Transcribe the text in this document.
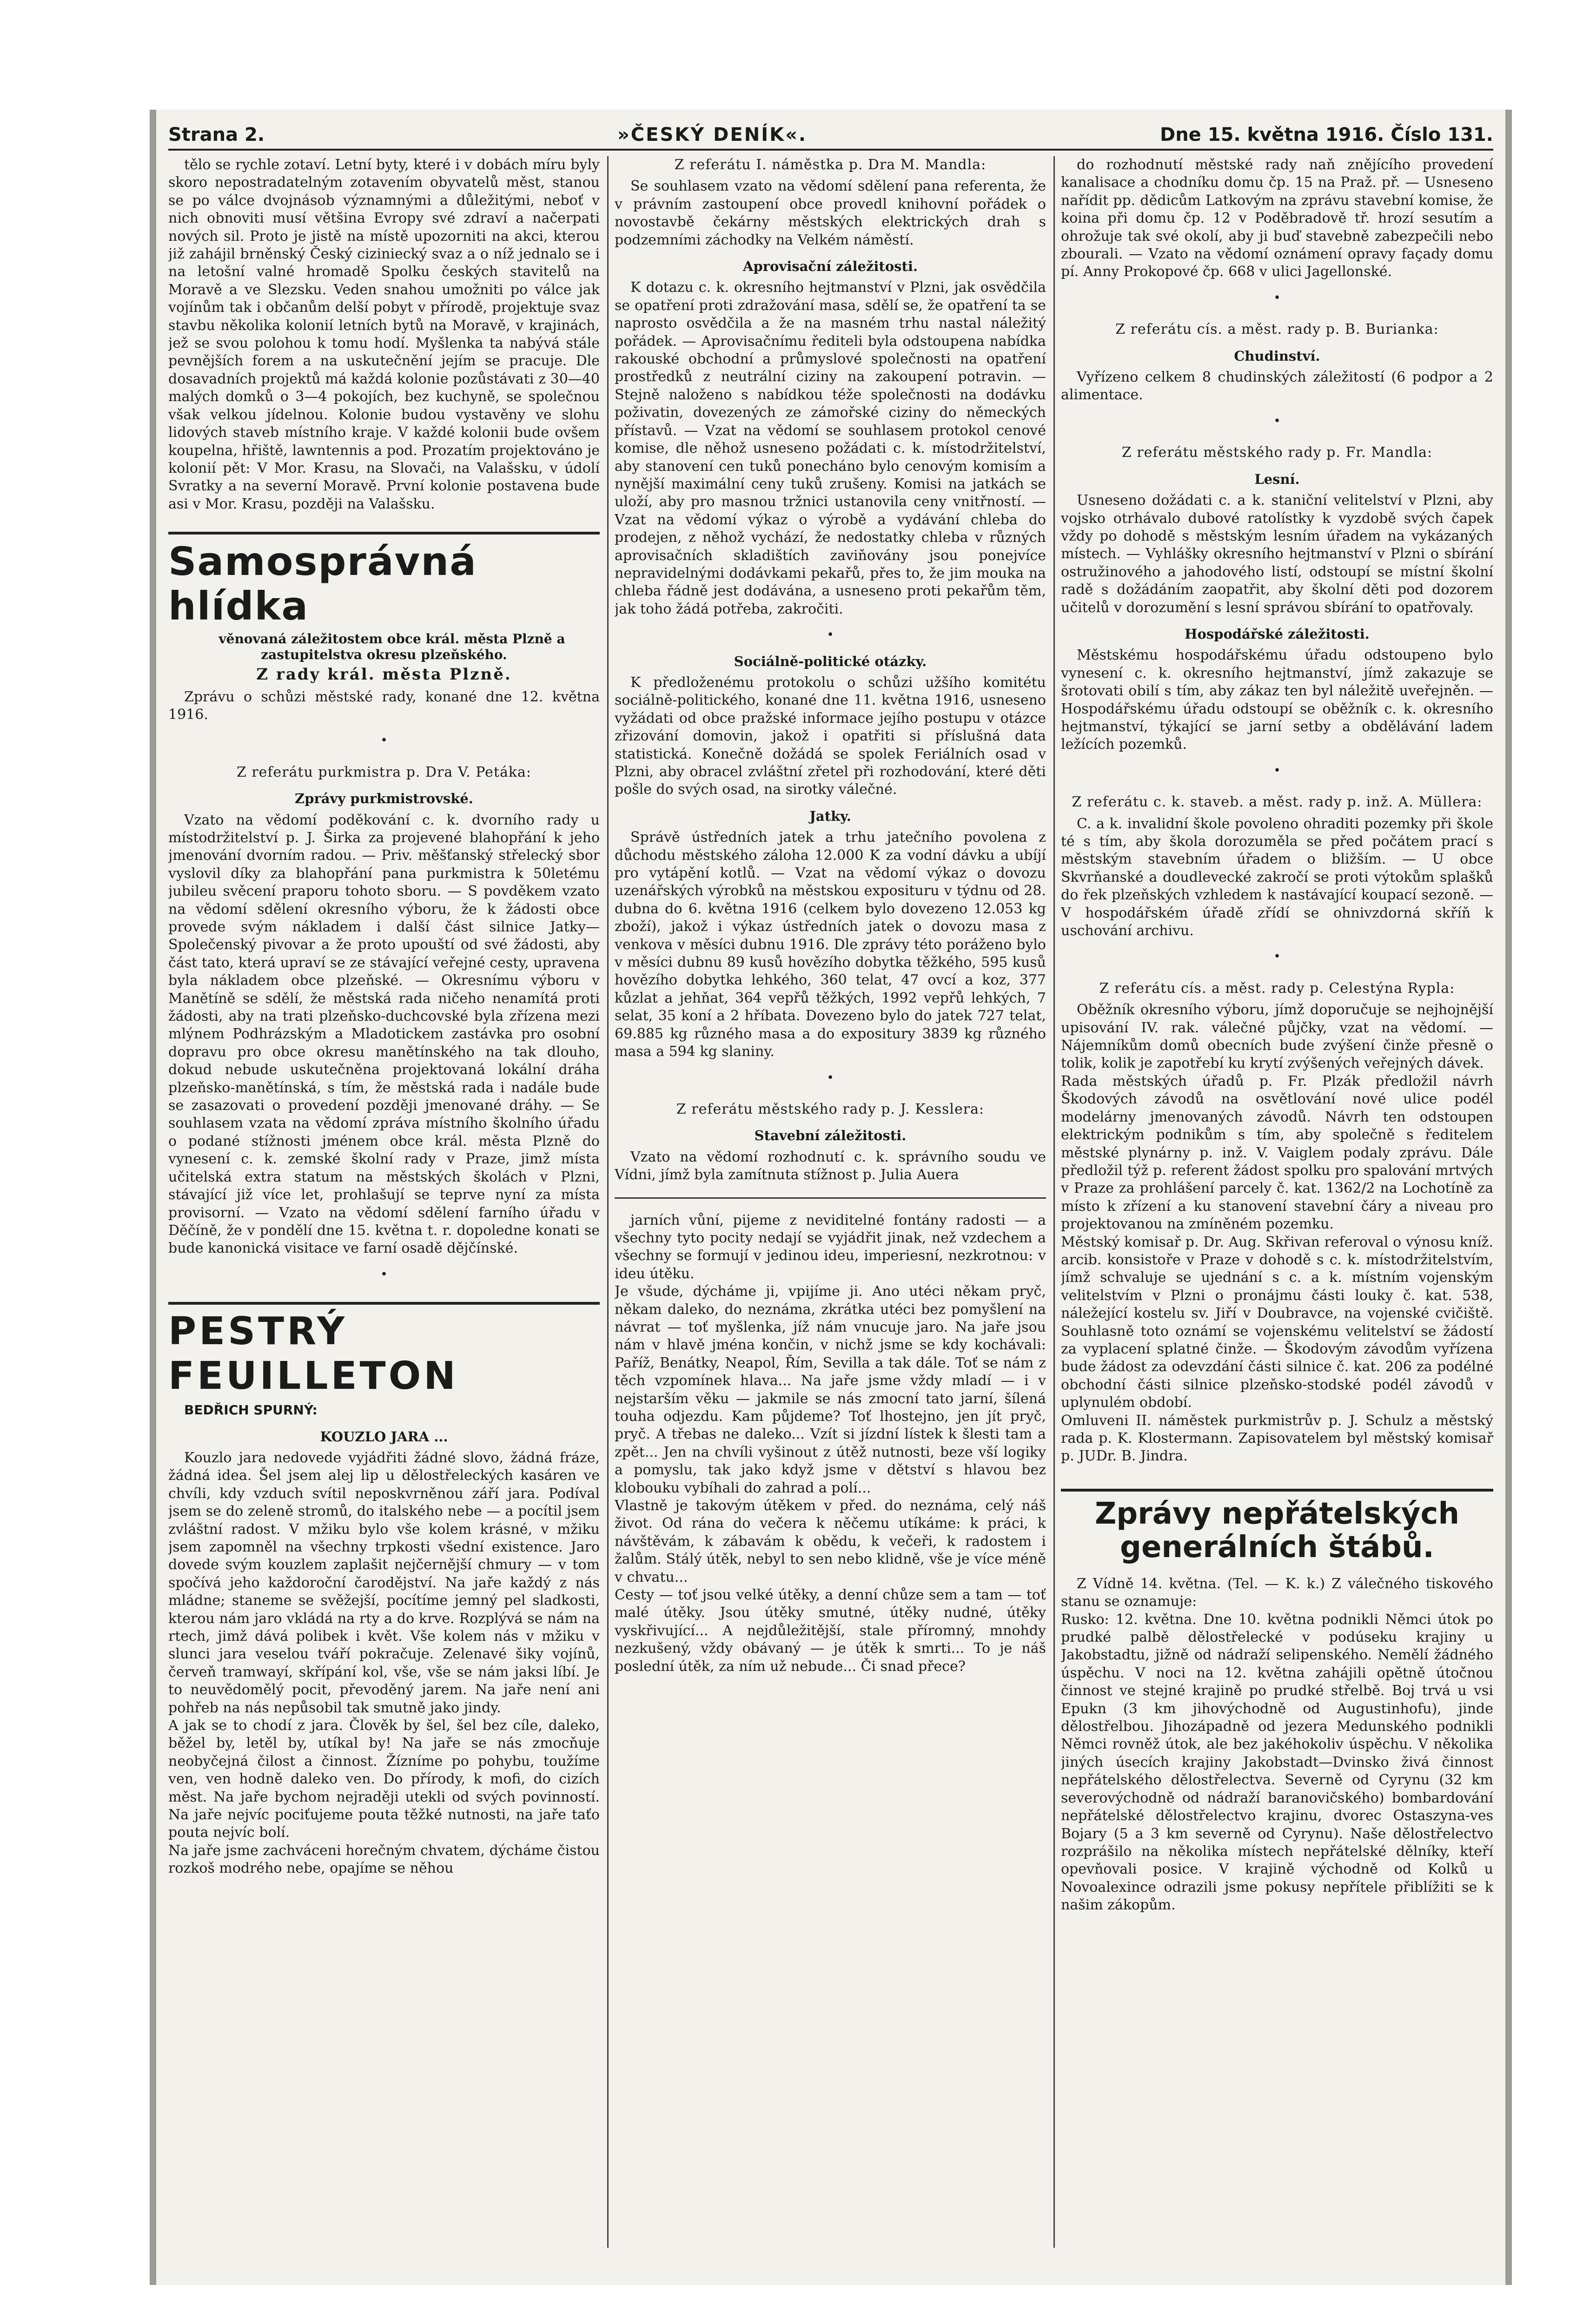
Strana 2.	»ČESKÝ DENÍK«.	Dne 15. května 1916. Číslo 131.

tělo se rychle zotaví. Letní byty, které i v dobách míru byly skoro nepostradatelným zotavením obyvatelů měst, stanou se po válce dvojnásob významnými a důležitými, neboť v nich obnoviti musí většina Evropy své zdraví a načerpati nových sil. Proto je jistě na místě upozorniti na akci, kterou již zahájil brněnský Český ciziniecký svaz a o níž jednalo se i na letošní valné hromadě Spolku českých stavitelů na Moravě a ve Slezsku. Veden snahou umožniti po válce jak vojínům tak i občanům delší pobyt v přírodě, projektuje svaz stavbu několika kolonií letních bytů na Moravě, v krajinách, jež se svou polohou k tomu hodí. Myšlenka ta nabývá stále pevnějších forem a na uskutečnění jejím se pracuje. Dle dosavadních projektů má každá kolonie pozůstávati z 30—40 malých domků o 3—4 pokojích, bez kuchyně, se společnou však velkou jídelnou. Kolonie budou vystavěny ve slohu lidových staveb místního kraje. V každé kolonii bude ovšem koupelna, hřiště, lawntennis a pod. Prozatím projektováno je kolonií pět: V Mor. Krasu, na Slovači, na Valašsku, v údolí Svratky a na severní Moravě. První kolonie postavena bude asi v Mor. Krasu, později na Valašsku.

Samosprávná hlídka

věnovaná záležitostem obce král. města Plzně a zastupitelstva okresu plzeňského.

Z rady král. města Plzně.

Zprávu o schůzi městské rady, konané dne 12. května 1916.

•

Z referátu purkmistra p. Dra V. Petáka:

Zprávy purkmistrovské.

Vzato na vědomí poděkování c. k. dvorního rady u místodržitelství p. J. Širka za projevené blahopřání k jeho jmenování dvorním radou. — Priv. měšťanský střelecký sbor vyslovil díky za blahopřání pana purkmistra k 50letému jubileu svěcení praporu tohoto sboru. — S povděkem vzato na vědomí sdělení okresního výboru, že k žádosti obce provede svým nákladem i další část silnice Jatky—Společenský pivovar a že proto upouští od své žádosti, aby část tato, která upraví se ze stávající veřejné cesty, upravena byla nákladem obce plzeňské. — Okresnímu výboru v Manětíně se sdělí, že městská rada ničeho nenamítá proti žádosti, aby na trati plzeňsko-duchcovské byla zřízena mezi mlýnem Podhrázským a Mladotickem zastávka pro osobní dopravu pro obce okresu manětínského na tak dlouho, dokud nebude uskutečněna projektovaná lokální dráha plzeňsko-manětínská, s tím, že městská rada i nadále bude se zasazovati o provedení později jmenované dráhy. — Se souhlasem vzata na vědomí zpráva místního školního úřadu o podané stížnosti jménem obce král. města Plzně do vynesení c. k. zemské školní rady v Praze, jimž místa učitelská extra statum na městských školách v Plzni, stávající již více let, prohlašují se teprve nyní za místa provisorní. — Vzato na vědomí sdělení farního úřadu v Děčíně, že v pondělí dne 15. května t. r. dopoledne konati se bude kanonická visitace ve farní osadě dějčínské.

•
PESTRÝ FEUILLETON

BEDŘICH SPURNÝ:

KOUZLO JARA ...

Kouzlo jara nedovede vyjádřiti žádné slovo, žádná fráze, žádná idea. Šel jsem alej lip u dělostřeleckých kasáren ve chvíli, kdy vzduch svítil neposkvrněnou září jara. Podíval jsem se do zeleně stromů, do italského nebe — a pocítil jsem zvláštní radost. V mžiku bylo vše kolem krásné, v mžiku jsem zapomněl na všechny trpkosti všední existence. Jaro dovede svým kouzlem zaplašit nejčernější chmury — v tom spočívá jeho každoroční čarodějství. Na jaře každý z nás mládne; staneme se svěžejší, pocítíme jemný pel sladkosti, kterou nám jaro vkládá na rty a do krve. Rozplývá se nám na rtech, jimž dává polibek i květ. Vše kolem nás v mžiku v slunci jara veselou tváří pokračuje. Zelenavé šiky vojínů, červeň tramwayí, skřípání kol, vše, vše se nám jaksi líbí. Je to neuvědomělý pocit, převoděný jarem. Na jaře není ani pohřeb na nás nepůsobil tak smutně jako jindy.
A jak se to chodí z jara. Člověk by šel, šel bez cíle, daleko, běžel by, letěl by, utíkal by! Na jaře se nás zmocňuje neobyčejná čilost a činnost. Žízníme po pohybu, toužíme ven, ven hodně daleko ven. Do přírody, k mofi, do cizích měst. Na jaře bychom nejraději utekli od svých povinností. Na jaře nejvíc pociťujeme pouta těžké nutnosti, na jaře taťo pouta nejvíc bolí.
Na jaře jsme zachváceni horečným chvatem, dýcháme čistou rozkoš modrého nebe, opajíme se něhou

Z referátu I. náměstka p. Dra M. Mandla:

Se souhlasem vzato na vědomí sdělení pana referenta, že v právním zastoupení obce provedl knihovní pořádek o novostavbě čekárny městských elektrických drah s podzemními záchodky na Velkém náměstí.

Aprovisační záležitosti.

K dotazu c. k. okresního hejtmanství v Plzni, jak osvědčila se opatření proti zdražování masa, sdělí se, že opatření ta se naprosto osvědčila a že na masném trhu nastal náležitý pořádek. — Aprovisačnímu řediteli byla odstoupena nabídka rakouské obchodní a průmyslové společnosti na opatření prostředků z neutrální ciziny na zakoupení potravin. — Stejně naloženo s nabídkou téže společnosti na dodávku poživatin, dovezených ze zámořské ciziny do německých přístavů. — Vzat na vědomí se souhlasem protokol cenové komise, dle něhož usneseno požádati c. k. místodržitelství, aby stanovení cen tuků ponecháno bylo cenovým komisím a nynější maximální ceny tuků zrušeny. Komisi na jatkách se uloží, aby pro masnou tržnici ustanovila ceny vnitřností. — Vzat na vědomí výkaz o výrobě a vydávání chleba do prodejen, z něhož vychází, že nedostatky chleba v různých aprovisačních skladištích zaviňovány jsou ponejvíce nepravidelnými dodávkami pekařů, přes to, že jim mouka na chleba řádně jest dodávána, a usneseno proti pekařům těm, jak toho žádá potřeba, zakročiti.

•

Sociálně-politické otázky.

K předloženému protokolu o schůzi užšího komitétu sociálně-politického, konané dne 11. května 1916, usneseno vyžádati od obce pražské informace jejího postupu v otázce zřizování domovin, jakož i opatřiti si příslušná data statistická. Konečně dožádá se spolek Feriálních osad v Plzni, aby obracel zvláštní zřetel při rozhodování, které děti pošle do svých osad, na sirotky válečné.

Jatky.

Správě ústředních jatek a trhu jatečního povolena z důchodu městského záloha 12.000 K za vodní dávku a ubíjí pro vytápění kotlů. — Vzat na vědomí výkaz o dovozu uzenářských výrobků na městskou exposituru v týdnu od 28. dubna do 6. května 1916 (celkem bylo dovezeno 12.053 kg zboží), jakož i výkaz ústředních jatek o dovozu masa z venkova v měsíci dubnu 1916. Dle zprávy této poráženo bylo v měsíci dubnu 89 kusů hovězího dobytka těžkého, 595 kusů hovězího dobytka lehkého, 360 telat, 47 ovcí a koz, 377 kůzlat a jehňat, 364 vepřů těžkých, 1992 vepřů lehkých, 7 selat, 35 koní a 2 hříbata. Dovezeno bylo do jatek 727 telat, 69.885 kg různého masa a do expositury 3839 kg různého masa a 594 kg slaniny.

•

Z referátu městského rady p. J. Kesslera:

Stavební záležitosti.

Vzato na vědomí rozhodnutí c. k. správního soudu ve Vídni, jímž byla zamítnuta stížnost p. Julia Auera

jarních vůní, pijeme z neviditelné fontány radosti — a všechny tyto pocity nedají se vyjádřit jinak, než vzdechem a všechny se formují v jedinou ideu, imperiesní, nezkrotnou: v ideu útěku.
Je všude, dýcháme ji, vpijíme ji. Ano utéci někam pryč, někam daleko, do neznáma, zkrátka utéci bez pomyšlení na návrat — toť myšlenka, jíž nám vnucuje jaro. Na jaře jsou nám v hlavě jména končin, v nichž jsme se kdy kochávali: Paříž, Benátky, Neapol, Řím, Sevilla a tak dále. Toť se nám z těch vzpomínek hlava... Na jaře jsme vždy mladí — i v nejstarším věku — jakmile se nás zmocní tato jarní, šílená touha odjezdu. Kam půjdeme? Toť lhostejno, jen jít pryč, pryč. A třebas ne daleko... Vzít si jízdní lístek k šlesti tam a zpět... Jen na chvíli vyšinout z útěž nutnosti, beze vší logiky a pomyslu, tak jako když jsme v dětství s hlavou bez klobouku vybíhali do zahrad a polí...
Vlastně je takovým útěkem v před. do neznáma, celý náš život. Od rána do večera k něčemu utíkáme: k práci, k návštěvám, k zábavám k obědu, k večeři, k radostem i žalům. Stálý útěk, nebyl to sen nebo klidně, vše je více méně v chvatu...
Cesty — toť jsou velké útěky, a denní chůze sem a tam — toť malé útěky. Jsou útěky smutné, útěky nudné, útěky vyskřivující... A nejdůležitější, stale příromný, mnohdy nezkušený, vždy obávaný — je útěk k smrti... To je náš poslední útěk, za ním už nebude... Či snad přece?

do rozhodnutí městské rady naň znějícího provedení kanalisace a chodníku domu čp. 15 na Praž. př. — Usneseno nařídit pp. dědicům Latkovým na zprávu stavební komise, že koina při domu čp. 12 v Poděbradově tř. hrozí sesutím a ohrožuje tak své okolí, aby ji buď stavebně zabezpečili nebo zbourali. — Vzato na vědomí oznámení opravy façady domu pí. Anny Prokopové čp. 668 v ulici Jagellonské.

•

Z referátu cís. a měst. rady p. B. Burianka:

Chudinství.

Vyřízeno celkem 8 chudinských záležitostí (6 podpor a 2 alimentace.

•

Z referátu městského rady p. Fr. Mandla:

Lesní.

Usneseno dožádati c. a k. staniční velitelství v Plzni, aby vojsko otrhávalo dubové ratolístky k vyzdobě svých čapek vždy po dohodě s městským lesním úřadem na vykázaných místech. — Vyhlášky okresního hejtmanství v Plzni o sbírání ostružinového a jahodového listí, odstoupí se místní školní radě s dožádáním zaopatřit, aby školní děti pod dozorem učitelů v dorozumění s lesní správou sbírání to opatřovaly.

Hospodářské záležitosti.

Městskému hospodářskému úřadu odstoupeno bylo vynesení c. k. okresního hejtmanství, jímž zakazuje se šrotovati obilí s tím, aby zákaz ten byl náležitě uveřejněn. — Hospodářskému úřadu odstoupí se oběžník c. k. okresního hejtmanství, týkající se jarní setby a obdělávání ladem ležících pozemků.

•

Z referátu c. k. staveb. a měst. rady p. inž. A. Müllera:

C. a k. invalidní škole povoleno ohraditi pozemky při škole té s tím, aby škola dorozuměla se před počátem prací s městským stavebním úřadem o bližším. — U obce Skvrňanské a doudlevecké zakročí se proti výtokům splašků do řek plzeňských vzhledem k nastávající koupací sezoně. — V hospodářském úřadě zřídí se ohnivzdorná skříň k uschování archivu.

•

Z referátu cís. a měst. rady p. Celestýna Rypla:

Oběžník okresního výboru, jímž doporučuje se nejhojnější upisování IV. rak. válečné půjčky, vzat na vědomí. — Nájemníkům domů obecních bude zvýšení činže přesně o tolik, kolik je zapotřebí ku krytí zvýšených veřejných dávek.
Rada městských úřadů p. Fr. Plzák předložil návrh Škodových závodů na osvětlování nové ulice podél modelárny jmenovaných závodů. Návrh ten odstoupen elektrickým podnikům s tím, aby společně s ředitelem městské plynárny p. inž. V. Vaiglem podaly zprávu. Dále předložil týž p. referent žádost spolku pro spalování mrtvých v Praze za prohlášení parcely č. kat. 1362/2 na Lochotíně za místo k zřízení a ku stanovení stavební čáry a niveau pro projektovanou na zmíněném pozemku.
Městský komisař p. Dr. Aug. Skřivan referoval o výnosu kníž. arcib. konsistoře v Praze v dohodě s c. k. místodržitelstvím, jímž schvaluje se ujednání s c. a k. místním vojenským velitelstvím v Plzni o pronájmu části louky č. kat. 538, náležející kostelu sv. Jiří v Doubravce, na vojenské cvičiště. Souhlasně toto oznámí se vojenskému velitelství se žádostí za vyplacení splatné činže. — Škodovým závodům vyřízena bude žádost za odevzdání části silnice č. kat. 206 za podélné obchodní části silnice plzeňsko-stodské podél závodů v uplynulém období.
Omluveni II. náměstek purkmistrův p. J. Schulz a městský rada p. K. Klostermann. Zapisovatelem byl městský komisař p. JUDr. B. Jindra.

Zprávy nepřátelských generálních štábů.

Z Vídně 14. května. (Tel. — K. k.) Z válečného tiskového stanu se oznamuje:
Rusko: 12. května. Dne 10. května podnikli Němci útok po prudké palbě dělostřelecké v podúseku krajiny u Jakobstadtu, jižně od nádraží selipenského. Nemělí žádného úspěchu. V noci na 12. května zahájili opětně útočnou činnost ve stejné krajině po prudké střelbě. Boj trvá u vsi Epukn (3 km jihovýchodně od Augustinhofu), jinde dělostřelbou. Jihozápadně od jezera Medunského podnikli Němci rovněž útok, ale bez jakéhokoliv úspěchu. V několika jiných úsecích krajiny Jakobstadt—Dvinsko živá činnost nepřátelského dělostřelectva. Severně od Cyrynu (32 km severovýchodně od nádraží baranovičského) bombardování nepřátelské dělostřelectvo krajinu, dvorec Ostaszyna-ves Bojary (5 a 3 km severně od Cyrynu). Naše dělostřelectvo rozprášilo na několika místech nepřátelské dělníky, kteří opevňovali posice. V krajině východně od Kolků u Novoalexince odrazili jsme pokusy nepřítele přiblížiti se k našim zákopům.
